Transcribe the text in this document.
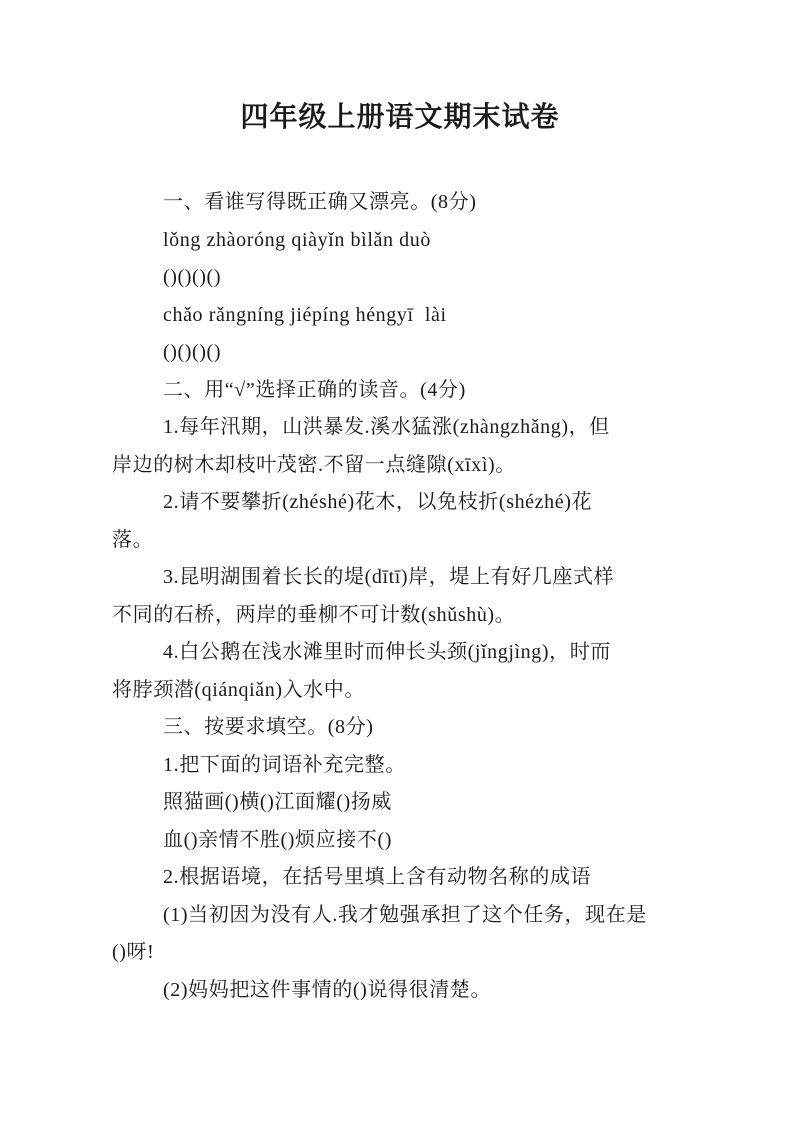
四年级上册语文期末试卷
一、看谁写得既正确又漂亮。(8分)
lǒng zhàoróng qiàyǐn bìlǎn duò
()()()()
chǎo rǎngníng jiépíng héngyī  lài
()()()()
二、用“√”选择正确的读音。(4分)
1.每年汛期，山洪暴发.溪水猛涨(zhàngzhǎng)，但
岸边的树木却枝叶茂密.不留一点缝隙(xīxì)。
2.请不要攀折(zhéshé)花木，以免枝折(shézhé)花
落。
3.昆明湖围着长长的堤(dītī)岸，堤上有好几座式样
不同的石桥，两岸的垂柳不可计数(shǔshù)。
4.白公鹅在浅水滩里时而伸长头颈(jǐngjìng)，时而
将脖颈潜(qiánqiǎn)入水中。
三、按要求填空。(8分)
1.把下面的词语补充完整。
照猫画()横()江面耀()扬威
血()亲情不胜()烦应接不()
2.根据语境，在括号里填上含有动物名称的成语
(1)当初因为没有人.我才勉强承担了这个任务，现在是
()呀!
(2)妈妈把这件事情的()说得很清楚。
